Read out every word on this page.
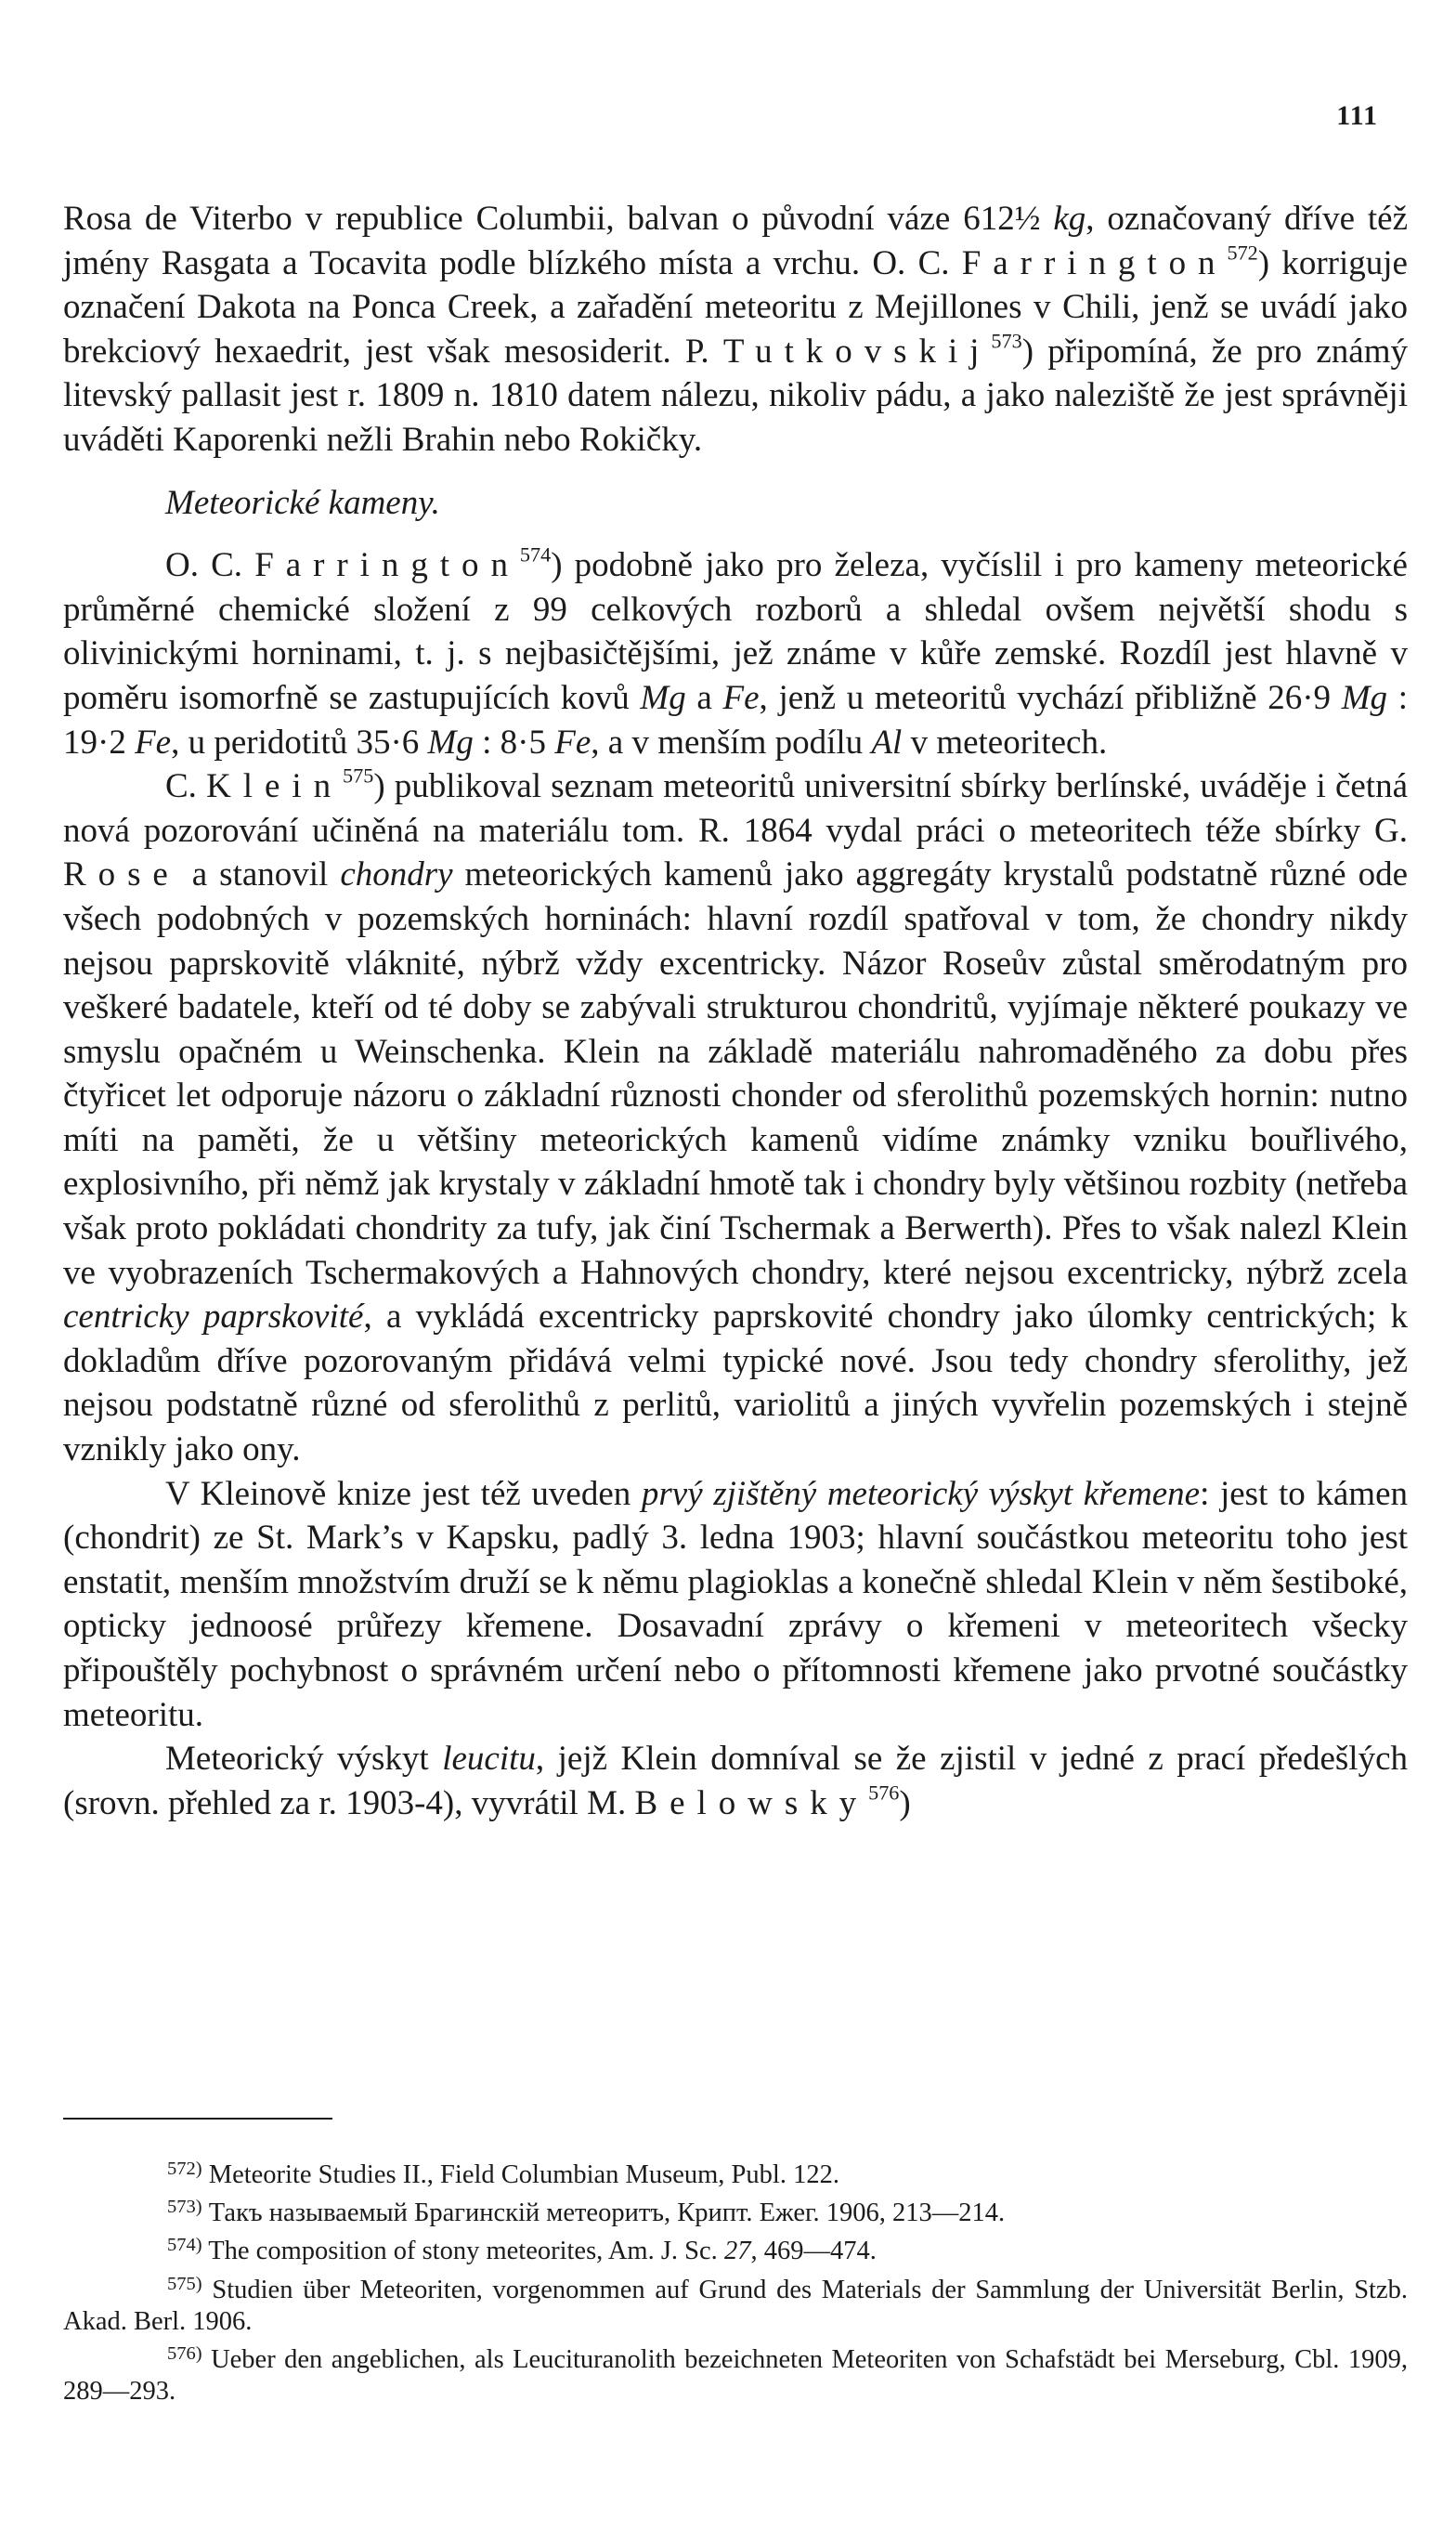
111

Rosa de Viterbo v republice Columbii, balvan o původní váze 612½ kg, označovaný dříve též jmény Rasgata a Tocavita podle blízkého místa a vrchu. O. C. Farrington$^{572}$) korriguje označení Dakota na Ponca Creek, a zařadění meteoritu z Mejillones v Chili, jenž se uvádí jako brekciový hexaedrit, jest však mesosiderit. P. Tutkovskij$^{573}$) připomíná, že pro známý litevský pallasit jest r. 1809 n. 1810 datem nálezu, nikoliv pádu, a jako naleziště že jest správněji uváděti Kaporenki nežli Brahin nebo Rokičky.

Meteorické kameny.

O. C. Farrington$^{574}$) podobně jako pro železa, vyčíslil i pro kameny meteorické průměrné chemické složení z 99 celkových rozborů a shledal ovšem největší shodu s olivinickými horninami, t. j. s nejbasičtějšími, jež známe v kůře zemské. Rozdíl jest hlavně v poměru isomorfně se zastupujících kovů Mg a Fe, jenž u meteoritů vychází přibližně 26·9 Mg : 19·2 Fe, u peridotitů 35·6 Mg : 8·5 Fe, a v menším podílu Al v meteoritech.

C. Klein$^{575}$) publikoval seznam meteoritů universitní sbírky berlínské, uváděje i četná nová pozorování učiněná na materiálu tom. R. 1864 vydal práci o meteoritech téže sbírky G. Rose a stanovil chondry meteorických kamenů jako aggregáty krystalů podstatně různé ode všech podobných v pozemských horninách: hlavní rozdíl spatřoval v tom, že chondry nikdy nejsou paprskovitě vláknité, nýbrž vždy excentricky. Názor Roseův zůstal směrodatným pro veškeré badatele, kteří od té doby se zabývali strukturou chondritů, vyjímaje některé poukazy ve smyslu opačném u Weinschenka. Klein na základě materiálu nahromaděného za dobu přes čtyřicet let odporuje názoru o základní různosti chonder od sferolithů pozemských hornin: nutno míti na paměti, že u většiny meteorických kamenů vidíme známky vzniku bouřlivého, explosivního, při němž jak krystaly v základní hmotě tak i chondry byly většinou rozbity (netřeba však proto pokládati chondrity za tufy, jak činí Tschermak a Berwerth). Přes to však nalezl Klein ve vyobrazeních Tschermakových a Hahnových chondry, které nejsou excentricky, nýbrž zcela centricky paprskovité, a vykládá excentricky paprskovité chondry jako úlomky centrických; k dokladům dříve pozorovaným přidává velmi typické nové. Jsou tedy chondry sferolithy, jež nejsou podstatně různé od sferolithů z perlitů, variolitů a jiných vyvřelin pozemských i stejně vznikly jako ony.

V Kleinově knize jest též uveden prvý zjištěný meteorický výskyt křemene: jest to kámen (chondrit) ze St. Mark’s v Kapsku, padlý 3. ledna 1903; hlavní součástkou meteoritu toho jest enstatit, menším množstvím druží se k němu plagioklas a konečně shledal Klein v něm šestiboké, opticky jednoosé průřezy křemene. Dosavadní zprávy o křemeni v meteoritech všecky připouštěly pochybnost o správném určení nebo o přítomnosti křemene jako prvotné součástky meteoritu.

Meteorický výskyt leucitu, jejž Klein domníval se že zjistil v jedné z prací předešlých (srovn. přehled za r. 1903-4), vyvrátil M. Belowsky$^{576}$)

$^{572)}$ Meteorite Studies II., Field Columbian Museum, Publ. 122.

$^{573)}$ Такъ называемый Брагинскій метеоритъ, Крипт. Ежег. 1906, 213—214.

$^{574)}$ The composition of stony meteorites, Am. J. Sc. 27, 469—474.

$^{575)}$ Studien über Meteoriten, vorgenommen auf Grund des Materials der Sammlung der Universität Berlin, Stzb. Akad. Berl. 1906.

$^{576)}$ Ueber den angeblichen, als Leucituranolith bezeichneten Meteoriten von Schafstädt bei Merseburg, Cbl. 1909, 289—293.
